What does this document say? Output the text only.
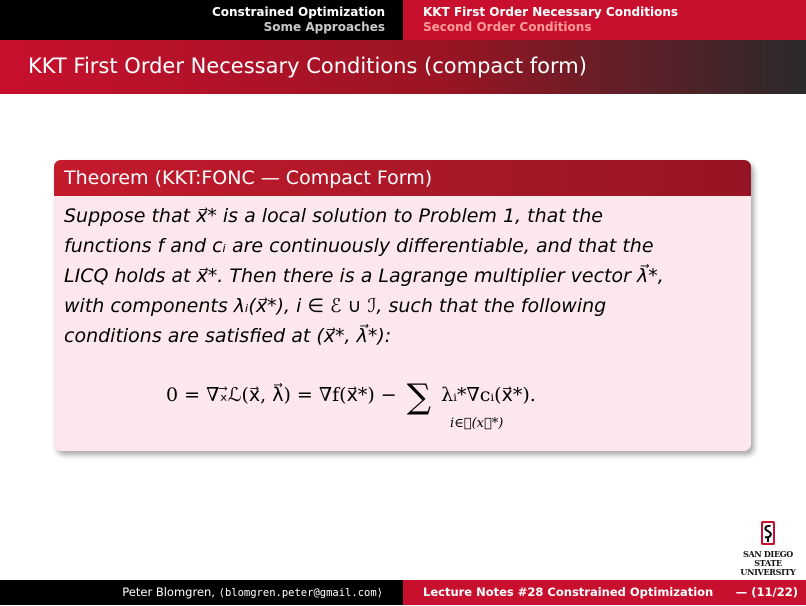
Constrained Optimization
Some Approaches
KKT First Order Necessary Conditions
Second Order Conditions
KKT First Order Necessary Conditions (compact form)
Theorem (KKT:FONC — Compact Form)
Suppose that x⃗* is a local solution to Problem 1, that the
functions f and cᵢ are continuously differentiable, and that the
LICQ holds at x⃗*. Then there is a Lagrange multiplier vector λ⃗*,
with components λᵢ(x⃗*), i ∈ ℰ ∪ ℐ, such that the following
conditions are satisfied at (x⃗*, λ⃗*):
0 = ∇ₓ⃗ℒ(x⃗, λ⃗) = ∇f(x⃗*) − ∑ λᵢ*∇cᵢ(x⃗*).
i∈𝒜(x⃗*)
SAN DIEGO STATE
UNIVERSITY
Peter Blomgren, ⟨blomgren.peter@gmail.com⟩	Lecture Notes #28 Constrained Optimization — (11/22)
